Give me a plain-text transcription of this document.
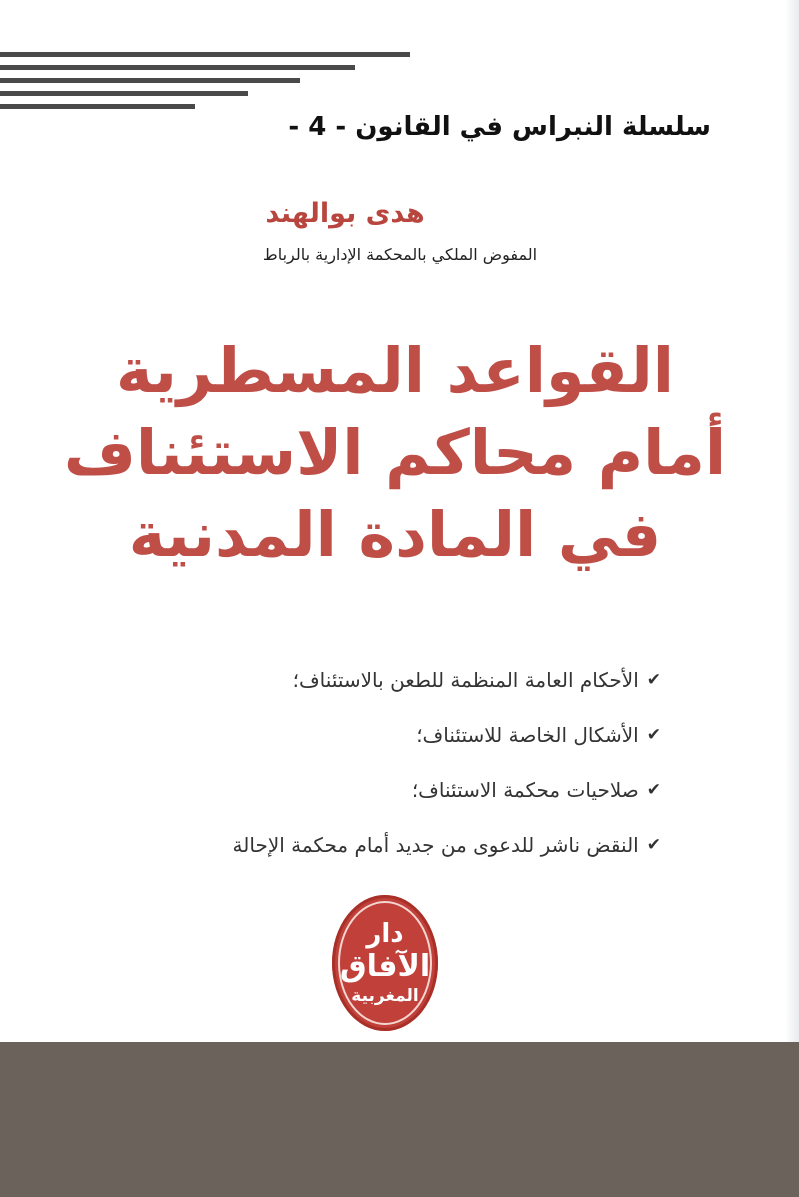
سلسلة النبراس في القانون - 4 -
هدى بوالهند
المفوض الملكي بالمحكمة الإدارية بالرباط
القواعد المسطرية
أمام محاكم الاستئناف
في المادة المدنية
✔
الأحكام العامة المنظمة للطعن بالاستئناف؛
✔
الأشكال الخاصة للاستئناف؛
✔
صلاحيات محكمة الاستئناف؛
✔
النقض ناشر للدعوى من جديد أمام محكمة الإحالة
دار
الآفاق
المغربية
